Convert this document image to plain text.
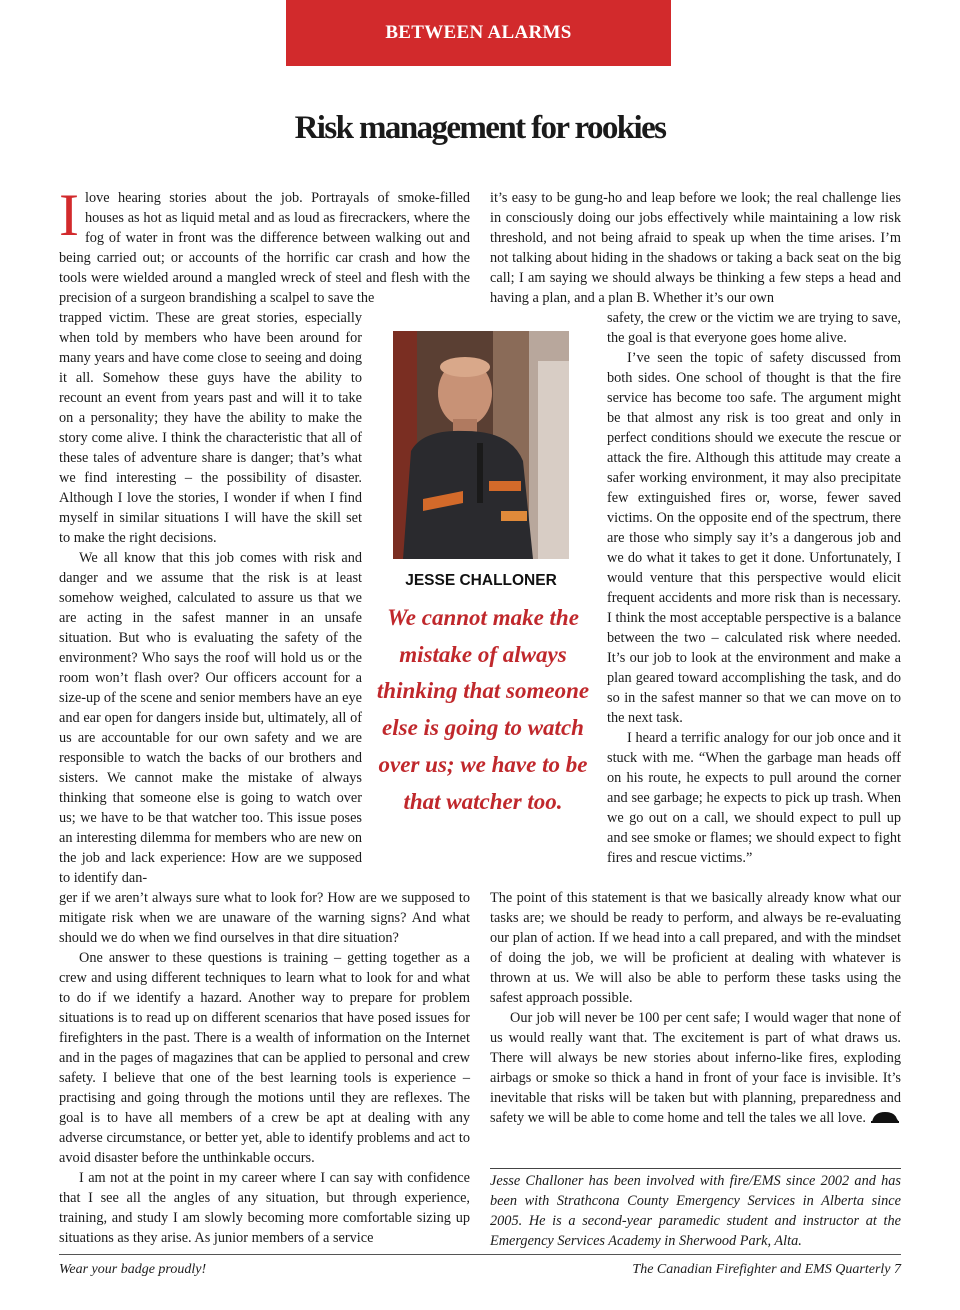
BETWEEN ALARMS
Risk management for rookies

Ilove hearing stories about the job. Portrayals of smoke-filled houses as hot as liquid metal and as loud as firecrackers, where the fog of water in front was the difference between walking out and being carried out; or accounts of the horrific car crash and how the tools were wielded around a mangled wreck of steel and flesh with the precision of a surgeon brandishing a scalpel to save the

trapped victim. These are great stories, especially when told by members who have been around for many years and have come close to seeing and doing it all. Somehow these guys have the ability to recount an event from years past and will it to take on a personality; they have the ability to make the story come alive. I think the characteristic that all of these tales of adventure share is danger; that’s what we find interesting – the possibility of disaster. Although I love the stories, I wonder if when I find myself in similar situations I will have the skill set to make the right decisions.

We all know that this job comes with risk and danger and we assume that the risk is at least somehow weighed, calculated to assure us that we are acting in the safest manner in an unsafe situation. But who is evaluating the safety of the environment? Who says the roof will hold us or the room won’t flash over? Our officers account for a size-up of the scene and senior members have an eye and ear open for dangers inside but, ultimately, all of us are accountable for our own safety and we are responsible to watch the backs of our brothers and sisters. We cannot make the mistake of always thinking that someone else is going to watch over us; we have to be that watcher too. This issue poses an interesting dilemma for members who are new on the job and lack experience: How are we supposed to identify dan-

ger if we aren’t always sure what to look for? How are we supposed to mitigate risk when we are unaware of the warning signs? And what should we do when we find ourselves in that dire situation?

One answer to these questions is training – getting together as a crew and using different techniques to learn what to look for and what to do if we identify a hazard. Another way to prepare for problem situations is to read up on different scenarios that have posed issues for firefighters in the past. There is a wealth of information on the Internet and in the pages of magazines that can be applied to personal and crew safety. I believe that one of the best learning tools is experience – practising and going through the motions until they are reflexes. The goal is to have all members of a crew be apt at dealing with any adverse circumstance, or better yet, able to identify problems and act to avoid disaster before the unthinkable occurs.

I am not at the point in my career where I can say with confidence that I see all the angles of any situation, but through experience, training, and study I am slowly becoming more comfortable sizing up situations as they arise. As junior members of a service

it’s easy to be gung-ho and leap before we look; the real challenge lies in consciously doing our jobs effectively while maintaining a low risk threshold, and not being afraid to speak up when the time arises. I’m not talking about hiding in the shadows or taking a back seat on the big call; I am saying we should always be thinking a few steps a head and having a plan, and a plan B. Whether it’s our own

safety, the crew or the victim we are trying to save, the goal is that everyone goes home alive.

I’ve seen the topic of safety discussed from both sides. One school of thought is that the fire service has become too safe. The argument might be that almost any risk is too great and only in perfect conditions should we execute the rescue or attack the fire. Although this attitude may create a safer working environment, it may also precipitate few extinguished fires or, worse, fewer saved victims. On the opposite end of the spectrum, there are those who simply say it’s a dangerous job and we do what it takes to get it done. Unfortunately, I would venture that this perspective would elicit frequent accidents and more risk than is necessary. I think the most acceptable perspective is a balance between the two – calculated risk where needed. It’s our job to look at the environment and make a plan geared toward accomplishing the task, and do so in the safest manner so that we can move on to the next task.

I heard a terrific analogy for our job once and it stuck with me. “When the garbage man heads off on his route, he expects to pull around the corner and see garbage; he expects to pick up trash. When we go out on a call, we should expect to pull up and see smoke or flames; we should expect to fight fires and rescue victims.”

The point of this statement is that we basically already know what our tasks are; we should be ready to perform, and always be re-evaluating our plan of action. If we head into a call prepared, and with the mindset of doing the job, we will be proficient at dealing with whatever is thrown at us. We will also be able to perform these tasks using the safest approach possible.

Our job will never be 100 per cent safe; I would wager that none of us would really want that. The excitement is part of what draws us. There will always be new stories about inferno-like fires, exploding airbags or smoke so thick a hand in front of your face is invisible. It’s inevitable that risks will be taken but with planning, preparedness and safety we will be able to come home and tell the tales we all love.

JESSE CHALLONER
We cannot make the mistake of always thinking that someone else is going to watch over us; we have to be that watcher too.
Jesse Challoner has been involved with fire/EMS since 2002 and has been with Strathcona County Emergency Services in Alberta since 2005. He is a second-year paramedic student and instructor at the Emergency Services Academy in Sherwood Park, Alta.
Wear your badge proudly!	The Canadian Firefighter and EMS Quarterly 7
